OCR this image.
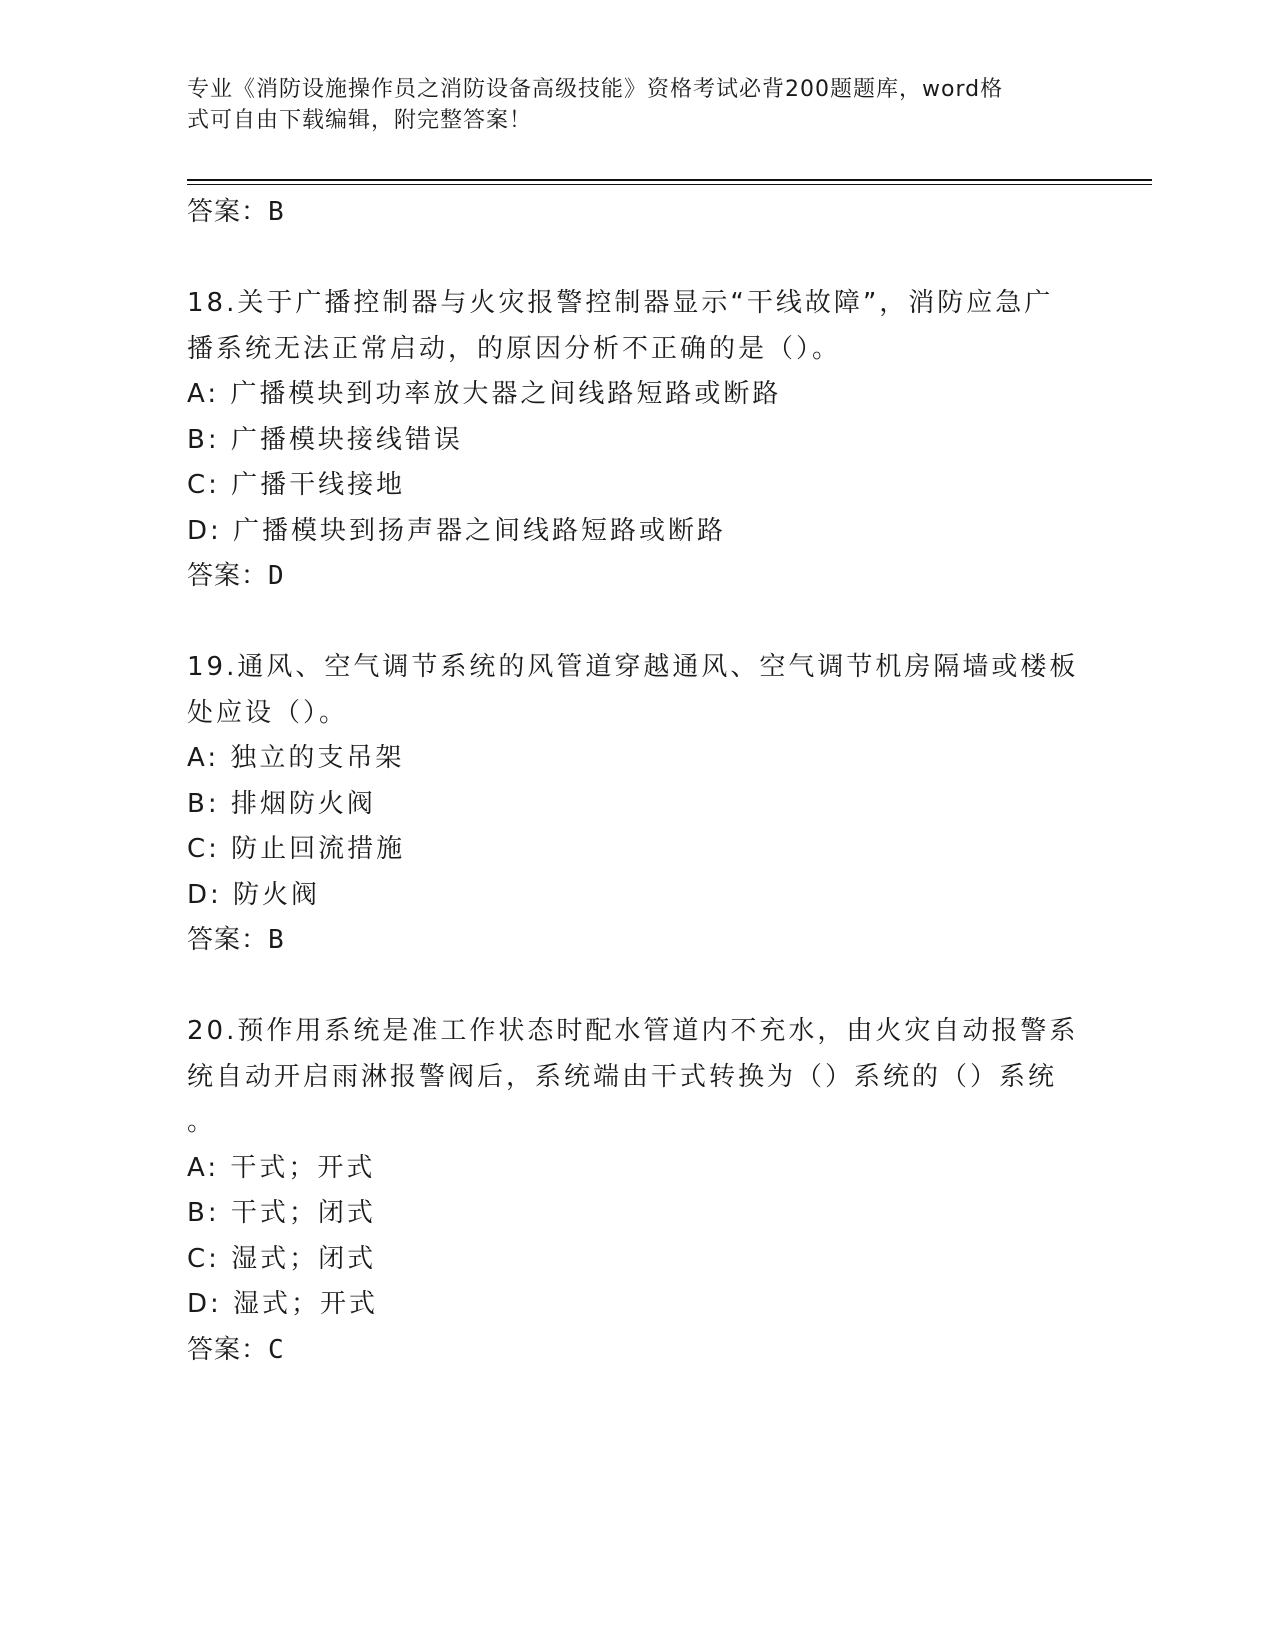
专业《消防设施操作员之消防设备高级技能》资格考试必背200题题库，word格
式可自由下载编辑，附完整答案！
答案：B
18.关于广播控制器与火灾报警控制器显示“干线故障”，消防应急广
播系统无法正常启动，的原因分析不正确的是（）。
A: 广播模块到功率放大器之间线路短路或断路
B: 广播模块接线错误
C: 广播干线接地
D: 广播模块到扬声器之间线路短路或断路
答案：D
19.通风、空气调节系统的风管道穿越通风、空气调节机房隔墙或楼板
处应设（）。
A: 独立的支吊架
B: 排烟防火阀
C: 防止回流措施
D: 防火阀
答案：B
20.预作用系统是准工作状态时配水管道内不充水，由火灾自动报警系
统自动开启雨淋报警阀后，系统端由干式转换为（）系统的（）系统
。
A: 干式；开式
B: 干式；闭式
C: 湿式；闭式
D: 湿式；开式
答案：C
